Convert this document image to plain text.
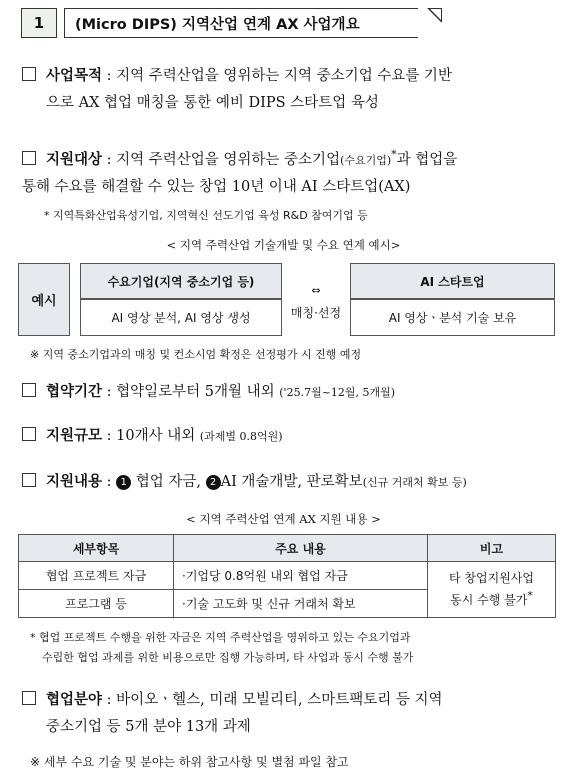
1	(Micro DIPS) 지역산업 연계 AX 사업개요
사업목적 : 지역 주력산업을 영위하는 지역 중소기업 수요를 기반
으로 AX 협업 매칭을 통한 예비 DIPS 스타트업 육성
지원대상 : 지역 주력산업을 영위하는 중소기업(수요기업)*과 협업을
통해 수요를 해결할 수 있는 창업 10년 이내 AI 스타트업(AX)
* 지역특화산업육성기업, 지역혁신 선도기업 육성 R&D 참여기업 등
< 지역 주력산업 기술개발 및 수요 연계 예시>
예시
수요기업(지역 중소기업 등)
AI 영상 분석, AI 영상 생성
⇔
매칭·선정
AI 스타트업
AI 영상ㆍ분석 기술 보유
※ 지역 중소기업과의 매칭 및 컨소시엄 확정은 선정평가 시 진행 예정
협약기간 : 협약일로부터 5개월 내외 ('25.7월~12월, 5개월)
지원규모 : 10개사 내외 (과제별 0.8억원)
지원내용 : 1 협업 자금, 2 AI 개술개발, 판로확보(신규 거래처 확보 등)
< 지역 주력산업 연계 AX 지원 내용 >
세부항목	주요 내용	비고
협업 프로젝트 자금	·기업당 0.8억원 내외 협업 자금	타 창업지원사업
동시 수행 불가*

프로그램 등	·기술 고도화 및 신규 거래처 확보	
* 협업 프로젝트 수행을 위한 자금은 지역 주력산업을 영위하고 있는 수요기업과
수립한 협업 과제를 위한 비용으로만 집행 가능하며, 타 사업과 동시 수행 불가
협업분야 : 바이오ㆍ헬스, 미래 모빌리티, 스마트팩토리 등 지역
중소기업 등 5개 분야 13개 과제
※ 세부 수요 기술 및 분야는 하위 참고사항 및 별첨 파일 참고
